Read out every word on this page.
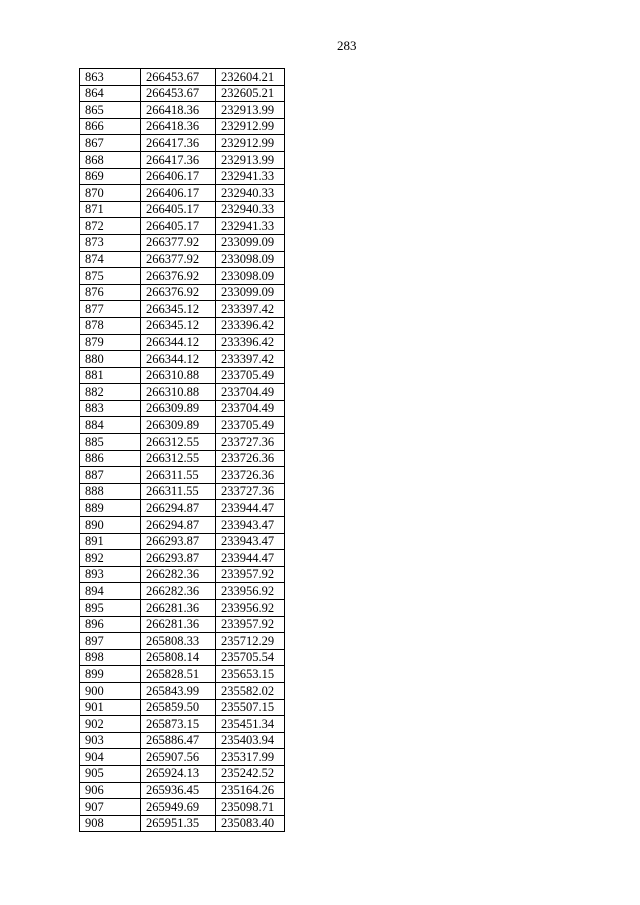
283
863	266453.67	232604.21
864	266453.67	232605.21
865	266418.36	232913.99
866	266418.36	232912.99
867	266417.36	232912.99
868	266417.36	232913.99
869	266406.17	232941.33
870	266406.17	232940.33
871	266405.17	232940.33
872	266405.17	232941.33
873	266377.92	233099.09
874	266377.92	233098.09
875	266376.92	233098.09
876	266376.92	233099.09
877	266345.12	233397.42
878	266345.12	233396.42
879	266344.12	233396.42
880	266344.12	233397.42
881	266310.88	233705.49
882	266310.88	233704.49
883	266309.89	233704.49
884	266309.89	233705.49
885	266312.55	233727.36
886	266312.55	233726.36
887	266311.55	233726.36
888	266311.55	233727.36
889	266294.87	233944.47
890	266294.87	233943.47
891	266293.87	233943.47
892	266293.87	233944.47
893	266282.36	233957.92
894	266282.36	233956.92
895	266281.36	233956.92
896	266281.36	233957.92
897	265808.33	235712.29
898	265808.14	235705.54
899	265828.51	235653.15
900	265843.99	235582.02
901	265859.50	235507.15
902	265873.15	235451.34
903	265886.47	235403.94
904	265907.56	235317.99
905	265924.13	235242.52
906	265936.45	235164.26
907	265949.69	235098.71
908	265951.35	235083.40
